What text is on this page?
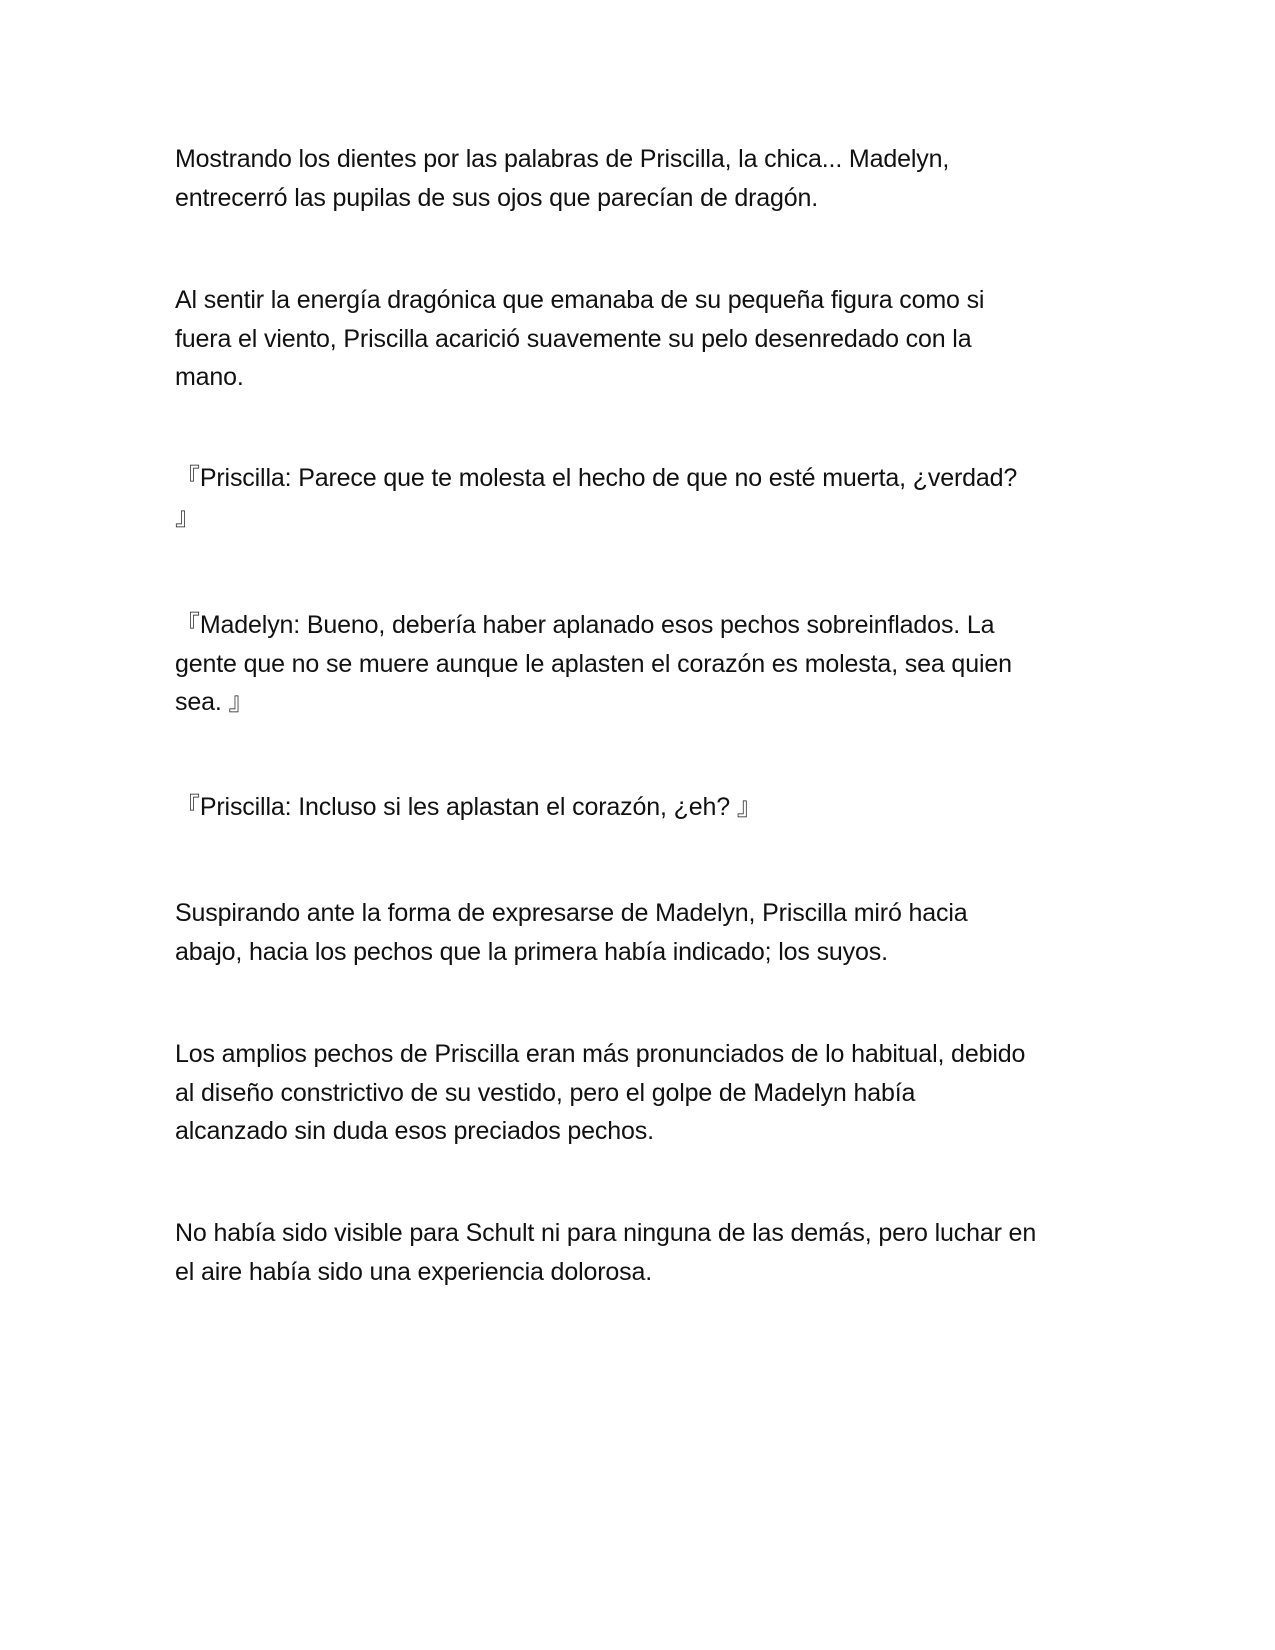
Mostrando los dientes por las palabras de Priscilla, la chica... Madelyn,
entrecerró las pupilas de sus ojos que parecían de dragón.

Al sentir la energía dragónica que emanaba de su pequeña figura como si
fuera el viento, Priscilla acarició suavemente su pelo desenredado con la
mano.

『Priscilla: Parece que te molesta el hecho de que no esté muerta, ¿verdad?
』

『Madelyn: Bueno, debería haber aplanado esos pechos sobreinflados. La
gente que no se muere aunque le aplasten el corazón es molesta, sea quien
sea. 』

『Priscilla: Incluso si les aplastan el corazón, ¿eh? 』

Suspirando ante la forma de expresarse de Madelyn, Priscilla miró hacia
abajo, hacia los pechos que la primera había indicado; los suyos.

Los amplios pechos de Priscilla eran más pronunciados de lo habitual, debido
al diseño constrictivo de su vestido, pero el golpe de Madelyn había
alcanzado sin duda esos preciados pechos.

No había sido visible para Schult ni para ninguna de las demás, pero luchar en
el aire había sido una experiencia dolorosa.
